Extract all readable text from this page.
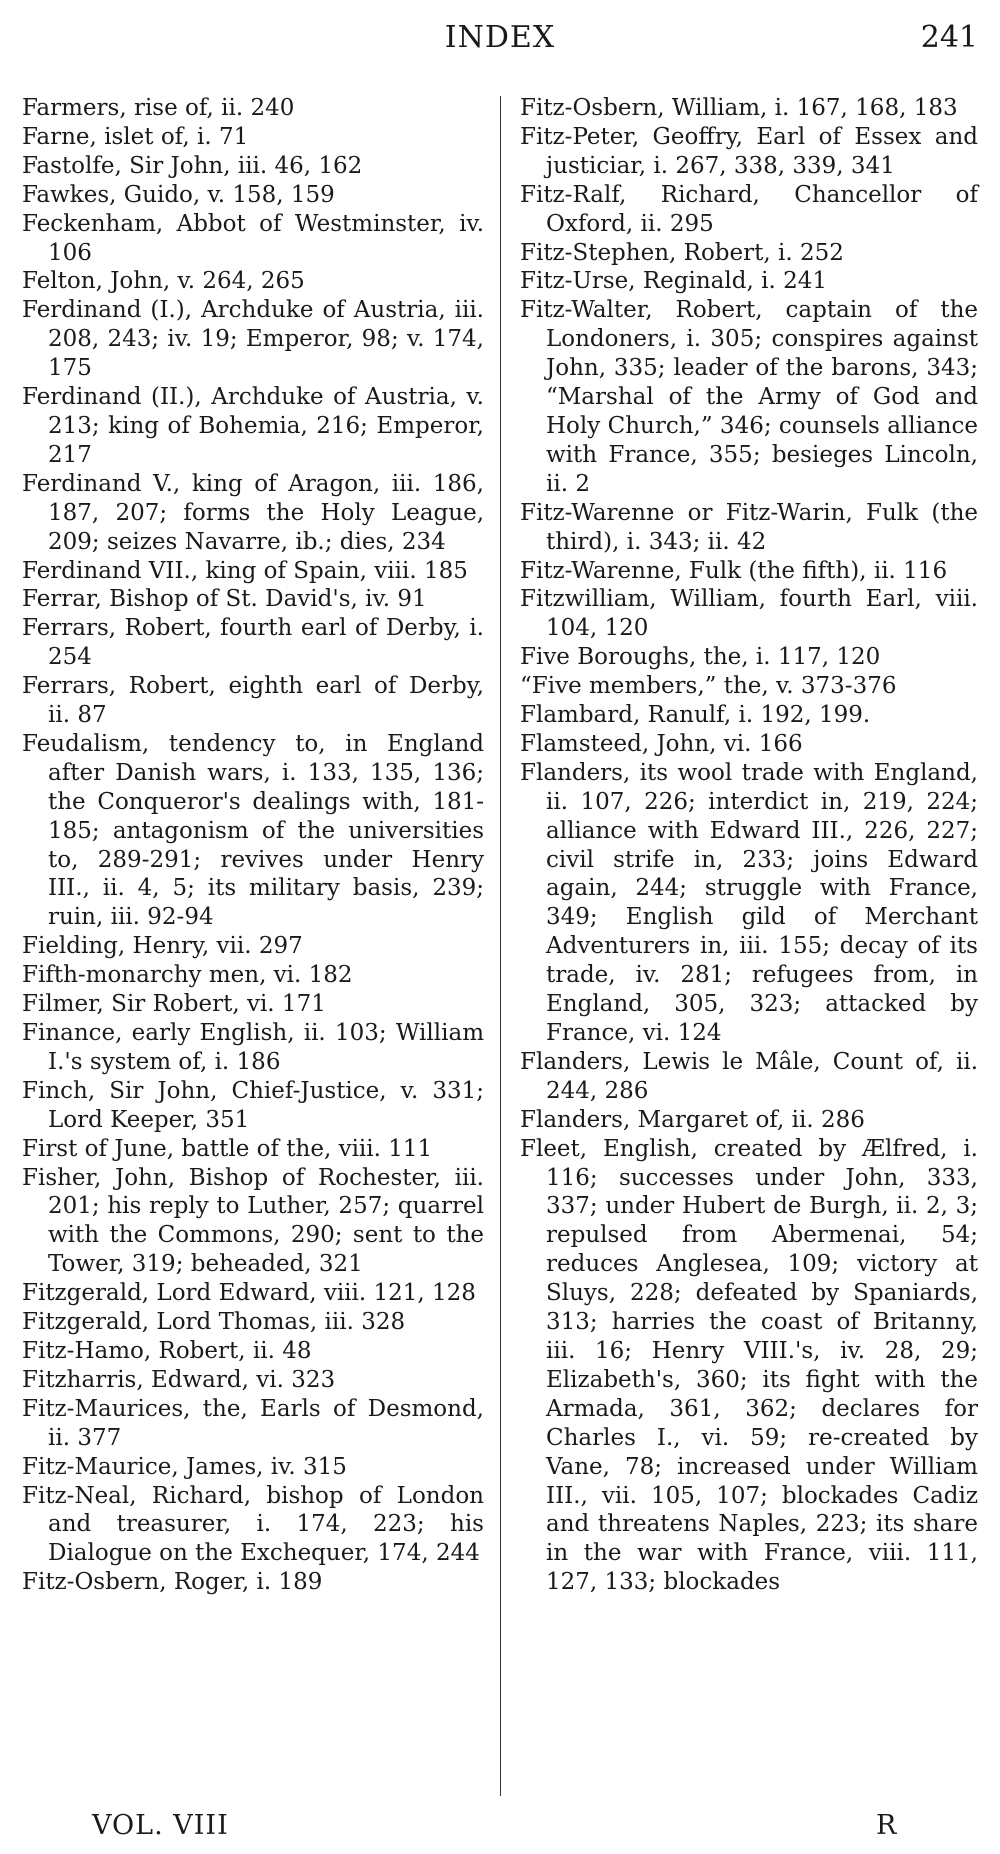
INDEX	241

Farmers, rise of, ii. 240

Farne, islet of, i. 71

Fastolfe, Sir John, iii. 46, 162

Fawkes, Guido, v. 158, 159

Feckenham, Abbot of Westminster, iv. 106

Felton, John, v. 264, 265

Ferdinand (I.), Archduke of Austria, iii. 208, 243; iv. 19; Emperor, 98; v. 174, 175

Ferdinand (II.), Archduke of Austria, v. 213; king of Bohemia, 216; Emperor, 217

Ferdinand V., king of Aragon, iii. 186, 187, 207; forms the Holy League, 209; seizes Navarre, ib.; dies, 234

Ferdinand VII., king of Spain, viii. 185

Ferrar, Bishop of St. David's, iv. 91

Ferrars, Robert, fourth earl of Derby, i. 254

Ferrars, Robert, eighth earl of Derby, ii. 87

Feudalism, tendency to, in England after Danish wars, i. 133, 135, 136; the Conqueror's dealings with, 181-185; antagonism of the universities to, 289-291; revives under Henry III., ii. 4, 5; its military basis, 239; ruin, iii. 92-94

Fielding, Henry, vii. 297

Fifth-monarchy men, vi. 182

Filmer, Sir Robert, vi. 171

Finance, early English, ii. 103; William I.'s system of, i. 186

Finch, Sir John, Chief-Justice, v. 331; Lord Keeper, 351

First of June, battle of the, viii. 111

Fisher, John, Bishop of Rochester, iii. 201; his reply to Luther, 257; quarrel with the Commons, 290; sent to the Tower, 319; beheaded, 321

Fitzgerald, Lord Edward, viii. 121, 128

Fitzgerald, Lord Thomas, iii. 328

Fitz-Hamo, Robert, ii. 48

Fitzharris, Edward, vi. 323

Fitz-Maurices, the, Earls of Desmond, ii. 377

Fitz-Maurice, James, iv. 315

Fitz-Neal, Richard, bishop of London and treasurer, i. 174, 223; his Dialogue on the Exchequer, 174, 244

Fitz-Osbern, Roger, i. 189

Fitz-Osbern, William, i. 167, 168, 183

Fitz-Peter, Geoffry, Earl of Essex and justiciar, i. 267, 338, 339, 341

Fitz-Ralf, Richard, Chancellor of Oxford, ii. 295

Fitz-Stephen, Robert, i. 252

Fitz-Urse, Reginald, i. 241

Fitz-Walter, Robert, captain of the Londoners, i. 305; conspires against John, 335; leader of the barons, 343; “Marshal of the Army of God and Holy Church,” 346; counsels alliance with France, 355; besieges Lincoln, ii. 2

Fitz-Warenne or Fitz-Warin, Fulk (the third), i. 343; ii. 42

Fitz-Warenne, Fulk (the fifth), ii. 116

Fitzwilliam, William, fourth Earl, viii. 104, 120

Five Boroughs, the, i. 117, 120

“Five members,” the, v. 373-376

Flambard, Ranulf, i. 192, 199.

Flamsteed, John, vi. 166

Flanders, its wool trade with England, ii. 107, 226; interdict in, 219, 224; alliance with Edward III., 226, 227; civil strife in, 233; joins Edward again, 244; struggle with France, 349; English gild of Merchant Adventurers in, iii. 155; decay of its trade, iv. 281; refugees from, in England, 305, 323; attacked by France, vi. 124

Flanders, Lewis le Mâle, Count of, ii. 244, 286

Flanders, Margaret of, ii. 286

Fleet, English, created by Ælfred, i. 116; successes under John, 333, 337; under Hubert de Burgh, ii. 2, 3; repulsed from Abermenai, 54; reduces Anglesea, 109; victory at Sluys, 228; defeated by Spaniards, 313; harries the coast of Britanny, iii. 16; Henry VIII.'s, iv. 28, 29; Elizabeth's, 360; its fight with the Armada, 361, 362; declares for Charles I., vi. 59; re-created by Vane, 78; increased under William III., vii. 105, 107; blockades Cadiz and threatens Naples, 223; its share in the war with France, viii. 111, 127, 133; blockades

VOL. VIII	R
